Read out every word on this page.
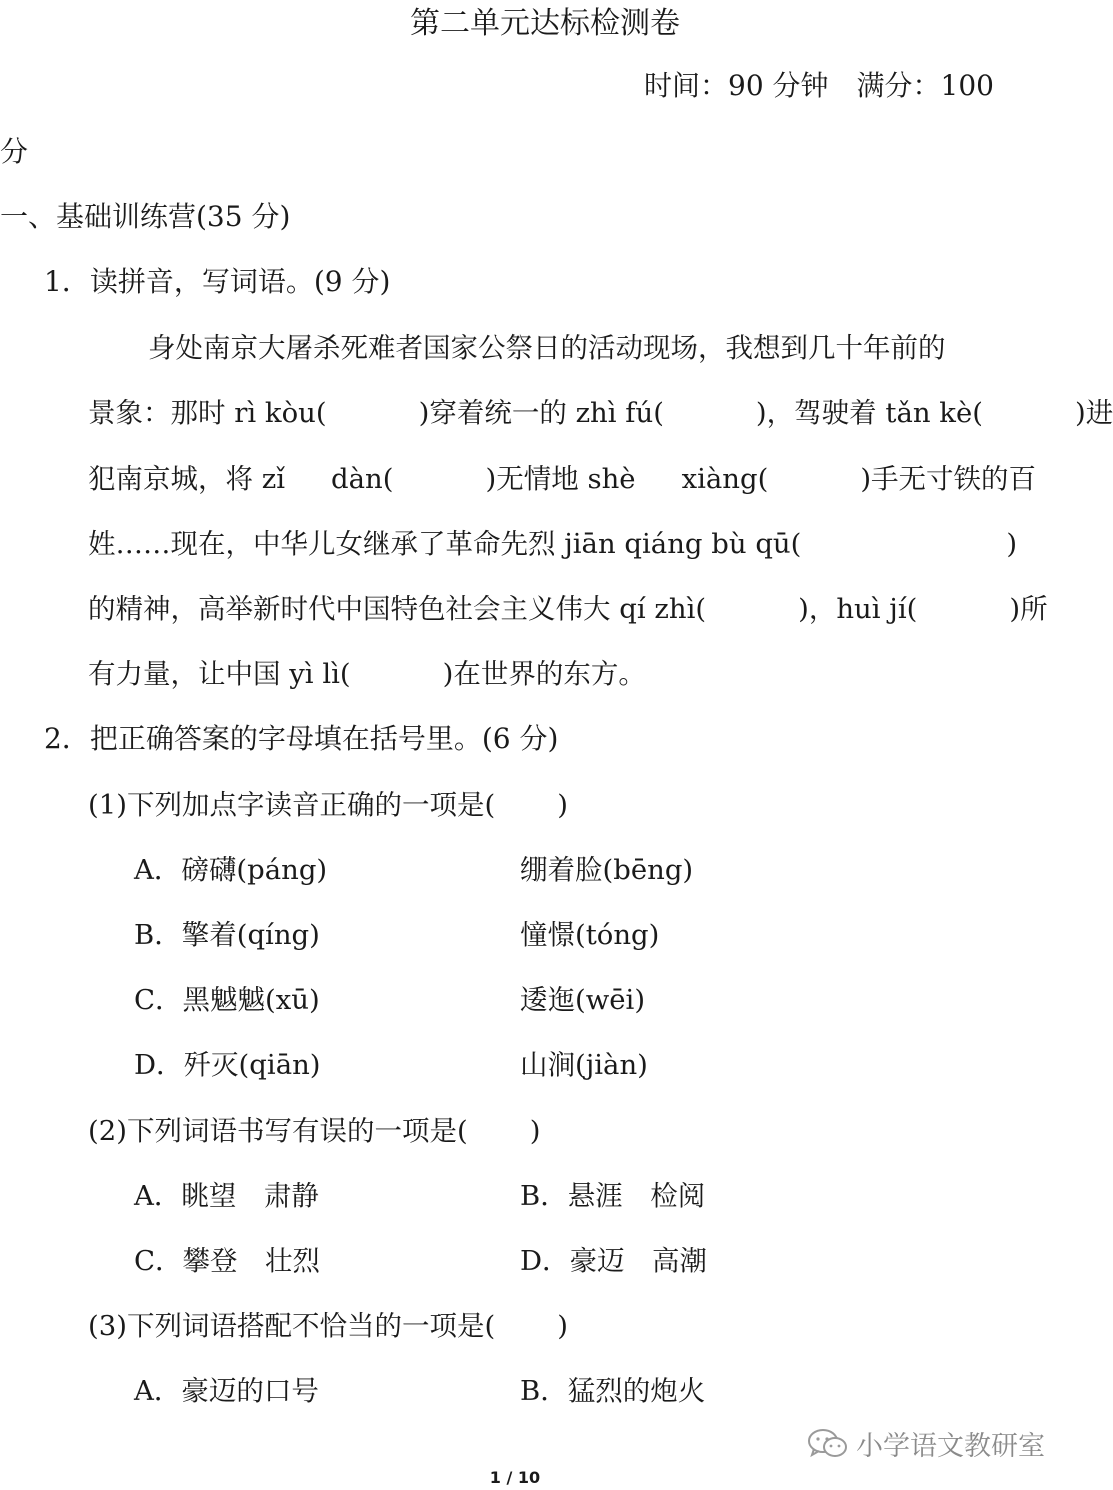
第二单元达标检测卷
时间：90 分钟 满分：100
分
一、基础训练营(35 分)
1．读拼音，写词语。(9 分)
身处南京大屠杀死难者国家公祭日的活动现场，我想到几十年前的
景象：那时 rì kòu(	)穿着统一的 zhì fú(	)，驾驶着 tǎn kè(	)进
犯南京城，将 zǐ dàn(	)无情地 shè xiàng(	)手无寸铁的百
姓……现在，中华儿女继承了革命先烈 jiān qiáng bù qū(	)
的精神，高举新时代中国特色社会主义伟大 qí zhì(	)，huì jí(	)所
有力量，让中国 yì lì(	)在世界的东方。
2．把正确答案的字母填在括号里。(6 分)
(1)下列加点字读音正确的一项是( )
A．磅礴(páng)	绷着脸(bēng)
B．擎着(qíng)	憧憬(tóng)
C．黑魆魆(xū)	逶迤(wēi)
D．歼灭(qiān)	山涧(jiàn)
(2)下列词语书写有误的一项是( )
A．眺望　肃静	B．悬涯　检阅
C．攀登　壮烈	D．豪迈　高潮
(3)下列词语搭配不恰当的一项是( )
A．豪迈的口号	B．猛烈的炮火
小学语文教研室
1 / 10
